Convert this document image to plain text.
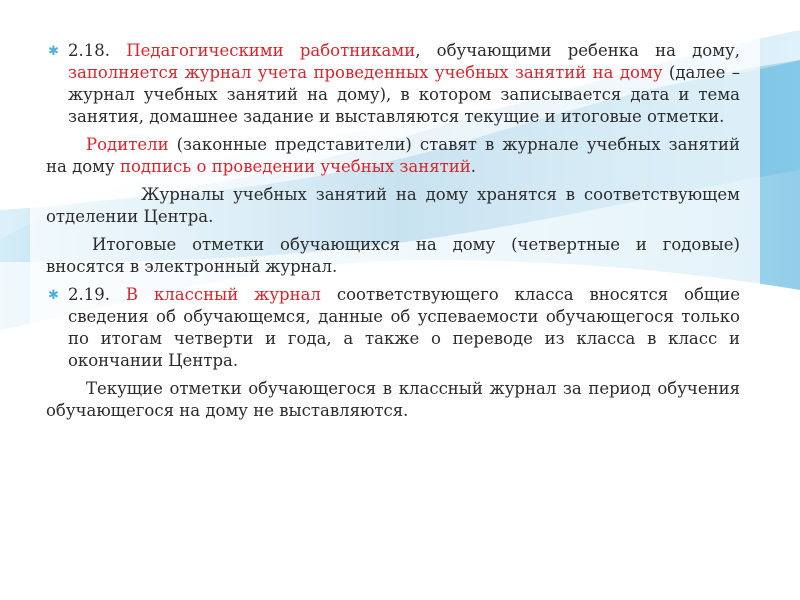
✱ 2.18. Педагогическими работниками, обучающими ребенка на дому, заполняется журнал учета проведенных учебных занятий на дому (далее – журнал учебных занятий на дому), в котором записывается дата и тема занятия, домашнее задание и выставляются текущие и итоговые отметки.

Родители (законные представители) ставят в журнале учебных занятий на дому подпись о проведении учебных занятий.

Журналы учебных занятий на дому хранятся в соответствующем отделении Центра.

Итоговые отметки обучающихся на дому (четвертные и годовые) вносятся в электронный журнал.

✱ 2.19. В классный журнал соответствующего класса вносятся общие сведения об обучающемся, данные об успеваемости обучающегося только по итогам четверти и года, а также о переводе из класса в класс и окончании Центра.

Текущие отметки обучающегося в классный журнал за период обучения обучающегося на дому не выставляются.
